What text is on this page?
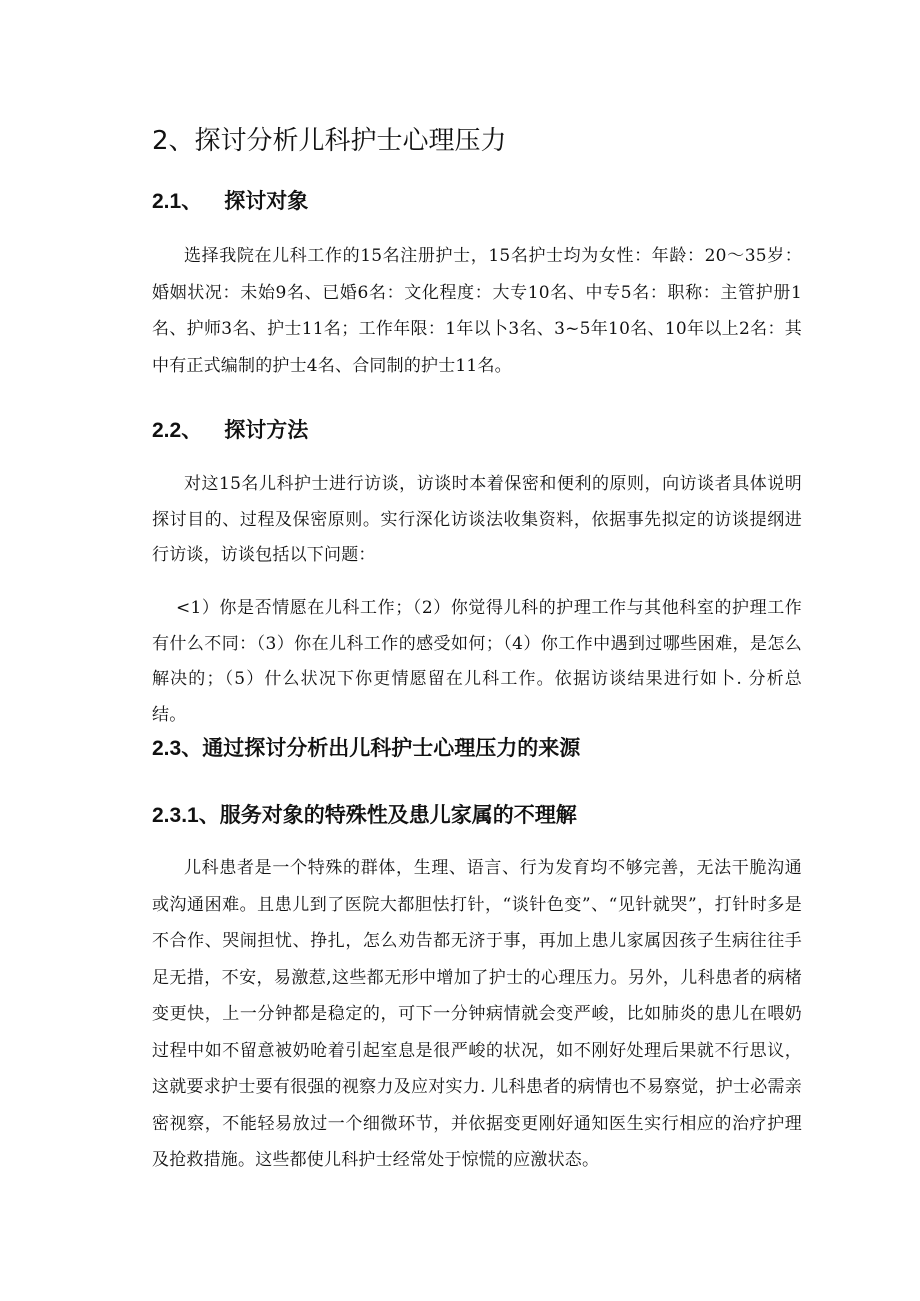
2、探讨分析儿科护士心理压力
2.1、 探讨对象

选择我院在儿科工作的15名注册护士，15名护士均为女性：年龄：20～35岁：婚姻状况：未始9名、已婚6名：文化程度：大专10名、中专5名：职称：主管护册1名、护师3名、护士11名；工作年限：1年以卜3名、3~5年10名、10年以上2名：其中有正式编制的护士4名、合同制的护士11名。

2.2、 探讨方法

对这15名儿科护士进行访谈，访谈时本着保密和便利的原则，向访谈者具体说明探讨目的、过程及保密原则。实行深化访谈法收集资料，依据事先拟定的访谈提纲进行访谈，访谈包括以下问题：

<1）你是否情愿在儿科工作；（2）你觉得儿科的护理工作与其他科室的护理工作有什么不同：（3）你在儿科工作的感受如何；（4）你工作中遇到过哪些困难，是怎么解决的；（5）什么状况下你更情愿留在儿科工作。依据访谈结果进行如卜. 分析总结。

2.3、通过探讨分析出儿科护士心理压力的来源
2.3.1、服务对象的特殊性及患儿家属的不理解

儿科患者是一个特殊的群体，生理、语言、行为发育均不够完善，无法干脆沟通或沟通困难。且患儿到了医院大都胆怯打针，“谈针色变”、“见针就哭”，打针时多是不合作、哭闹担忧、挣扎，怎么劝告都无济于事，再加上患儿家属因孩子生病往往手足无措，不安，易激惹,这些都无形中增加了护士的心理压力。另外，儿科患者的病楮变更快，上一分钟都是稳定的，可下一分钟病情就会变严峻，比如肺炎的患儿在喂奶过程中如不留意被奶呛着引起室息是很严峻的状况，如不刚好处理后果就不行思议，这就要求护士要有很强的视察力及应对实力. 儿科患者的病情也不易察觉，护士必需亲密视察，不能轻易放过一个细微环节，并依据变更刚好通知医生实行相应的治疗护理及抢救措施。这些都使儿科护士经常处于惊慌的应激状态。
